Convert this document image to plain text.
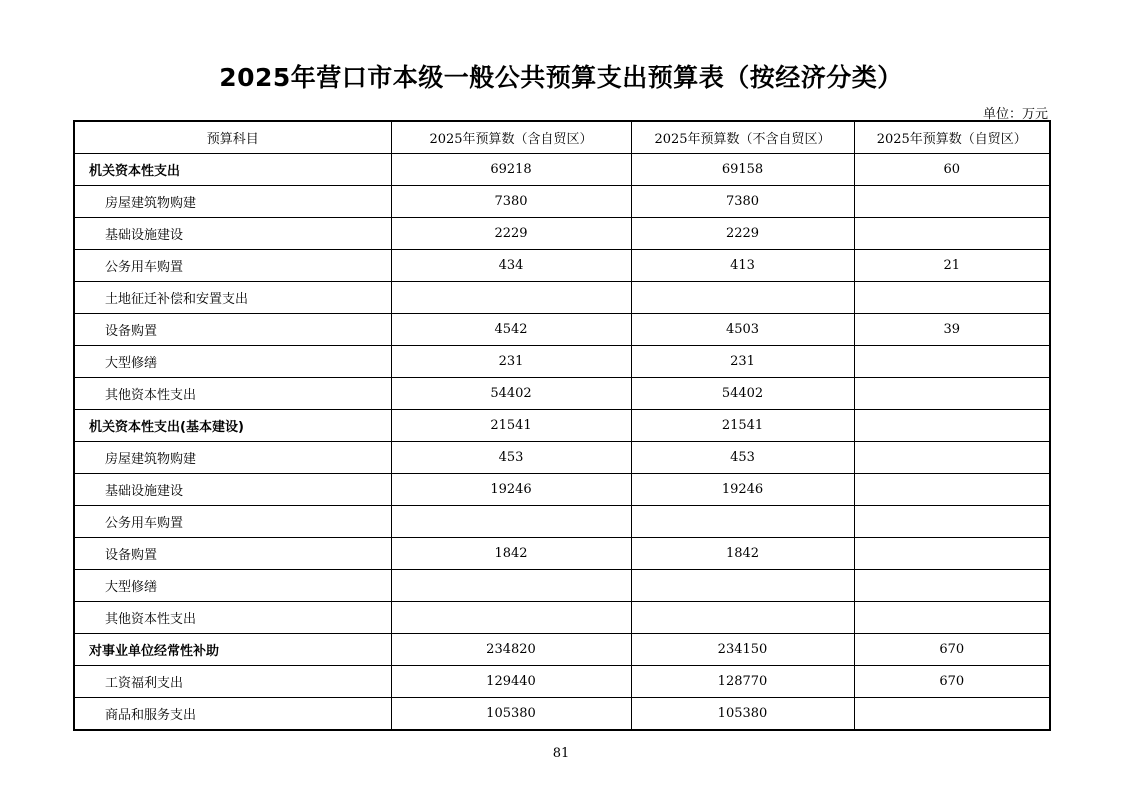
2025年营口市本级一般公共预算支出预算表（按经济分类）
单位：万元
预算科目	2025年预算数（含自贸区）	2025年预算数（不含自贸区）	2025年预算数（自贸区）
机关资本性支出	69218	69158	60
房屋建筑物购建	7380	7380	
基础设施建设	2229	2229	
公务用车购置	434	413	21
土地征迁补偿和安置支出			
设备购置	4542	4503	39
大型修缮	231	231	
其他资本性支出	54402	54402	
机关资本性支出(基本建设)	21541	21541	
房屋建筑物购建	453	453	
基础设施建设	19246	19246	
公务用车购置			
设备购置	1842	1842	
大型修缮			
其他资本性支出			
对事业单位经常性补助	234820	234150	670
工资福利支出	129440	128770	670
商品和服务支出	105380	105380	
81
